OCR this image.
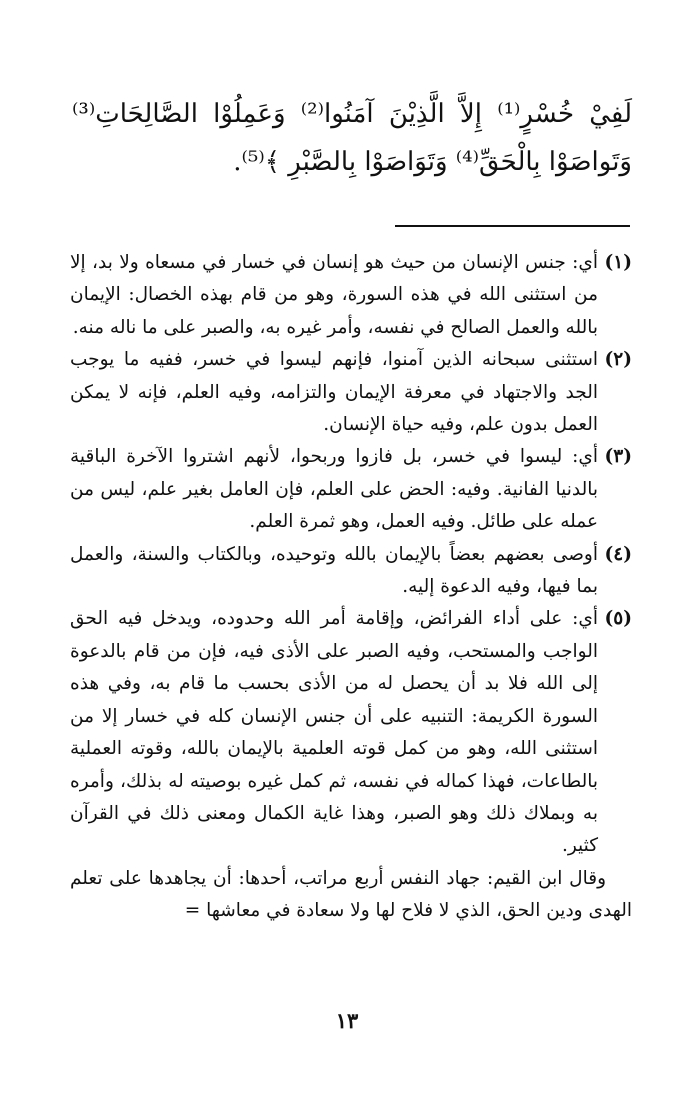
لَفِيْ خُسْرٍ⁽¹⁾ إِلاَّ الَّذِيْنَ آمَنُوا⁽²⁾ وَعَمِلُوْا الصَّالِحَاتِ⁽³⁾ وَتَواصَوْا بِالْحَقِّ⁽⁴⁾ وَتَوَاصَوْا بِالصَّبْرِ ﴾⁽⁵⁾.
(١)
أي: جنس الإنسان من حيث هو إنسان في خسار في مسعاه ولا بد، إلا من استثنى الله في هذه السورة، وهو من قام بهذه الخصال: الإيمان بالله والعمل الصالح في نفسه، وأمر غيره به، والصبر على ما ناله منه.
(٢)
استثنى سبحانه الذين آمنوا، فإنهم ليسوا في خسر، ففيه ما يوجب الجد والاجتهاد في معرفة الإيمان والتزامه، وفيه العلم، فإنه لا يمكن العمل بدون علم، وفيه حياة الإنسان.
(٣)
أي: ليسوا في خسر، بل فازوا وربحوا، لأنهم اشتروا الآخرة الباقية بالدنيا الفانية. وفيه: الحض على العلم، فإن العامل بغير علم، ليس من عمله على طائل. وفيه العمل، وهو ثمرة العلم.
(٤)
أوصى بعضهم بعضاً بالإيمان بالله وتوحيده، وبالكتاب والسنة، والعمل بما فيها، وفيه الدعوة إليه.
(٥)
أي: على أداء الفرائض، وإقامة أمر الله وحدوده، ويدخل فيه الحق الواجب والمستحب، وفيه الصبر على الأذى فيه، فإن من قام بالدعوة إلى الله فلا بد أن يحصل له من الأذى بحسب ما قام به، وفي هذه السورة الكريمة: التنبيه على أن جنس الإنسان كله في خسار إلا من استثنى الله، وهو من كمل قوته العلمية بالإيمان بالله، وقوته العملية بالطاعات، فهذا كماله في نفسه، ثم كمل غيره بوصيته له بذلك، وأمره به وبملاك ذلك وهو الصبر، وهذا غاية الكمال ومعنى ذلك في القرآن كثير.
وقال ابن القيم: جهاد النفس أربع مراتب، أحدها: أن يجاهدها على تعلم الهدى ودين الحق، الذي لا فلاح لها ولا سعادة في معاشها =
١٣
